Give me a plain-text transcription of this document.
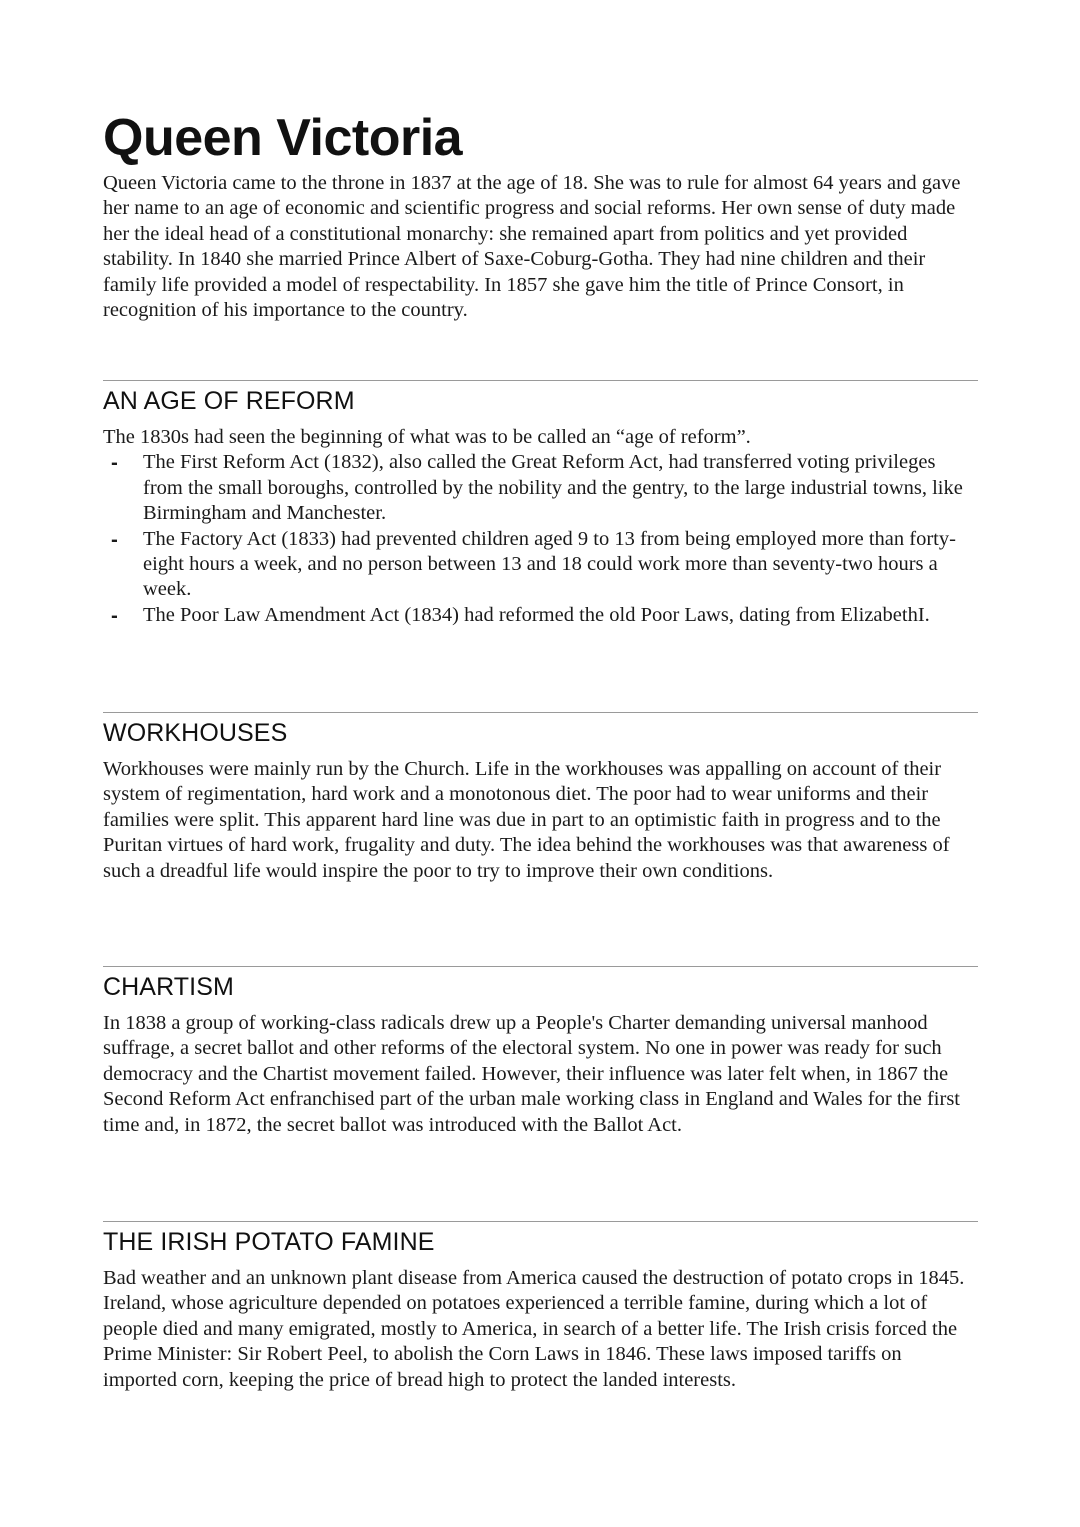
Queen Victoria

Queen Victoria came to the throne in 1837 at the age of 18. She was to rule for almost 64 years and gave her name to an age of economic and scientific progress and social reforms. Her own sense of duty made her the ideal head of a constitutional monarchy: she remained apart from politics and yet provided stability. In 1840 she married Prince Albert of Saxe-Coburg-Gotha. They had nine children and their family life provided a model of respectability. In 1857 she gave him the title of Prince Consort, in recognition of his importance to the country.

AN AGE OF REFORM

The 1830s had seen the beginning of what was to be called an “age of reform”.

- The First Reform Act (1832), also called the Great Reform Act, had transferred voting privileges from the small boroughs, controlled by the nobility and the gentry, to the large industrial towns, like Birmingham and Manchester.
- The Factory Act (1833) had prevented children aged 9 to 13 from being employed more than forty-eight hours a week, and no person between 13 and 18 could work more than seventy-two hours a week.
- The Poor Law Amendment Act (1834) had reformed the old Poor Laws, dating from ElizabethI.
WORKHOUSES

Workhouses were mainly run by the Church. Life in the workhouses was appalling on account of their system of regimentation, hard work and a monotonous diet. The poor had to wear uniforms and their families were split. This apparent hard line was due in part to an optimistic faith in progress and to the Puritan virtues of hard work, frugality and duty. The idea behind the workhouses was that awareness of such a dreadful life would inspire the poor to try to improve their own conditions.

CHARTISM

In 1838 a group of working-class radicals drew up a People's Charter demanding universal manhood suffrage, a secret ballot and other reforms of the electoral system. No one in power was ready for such democracy and the Chartist movement failed. However, their influence was later felt when, in 1867 the Second Reform Act enfranchised part of the urban male working class in England and Wales for the first time and, in 1872, the secret ballot was introduced with the Ballot Act.

THE IRISH POTATO FAMINE

Bad weather and an unknown plant disease from America caused the destruction of potato crops in 1845. Ireland, whose agriculture depended on potatoes experienced a terrible famine, during which a lot of people died and many emigrated, mostly to America, in search of a better life. The Irish crisis forced the Prime Minister: Sir Robert Peel, to abolish the Corn Laws in 1846. These laws imposed tariffs on imported corn, keeping the price of bread high to protect the landed interests.
